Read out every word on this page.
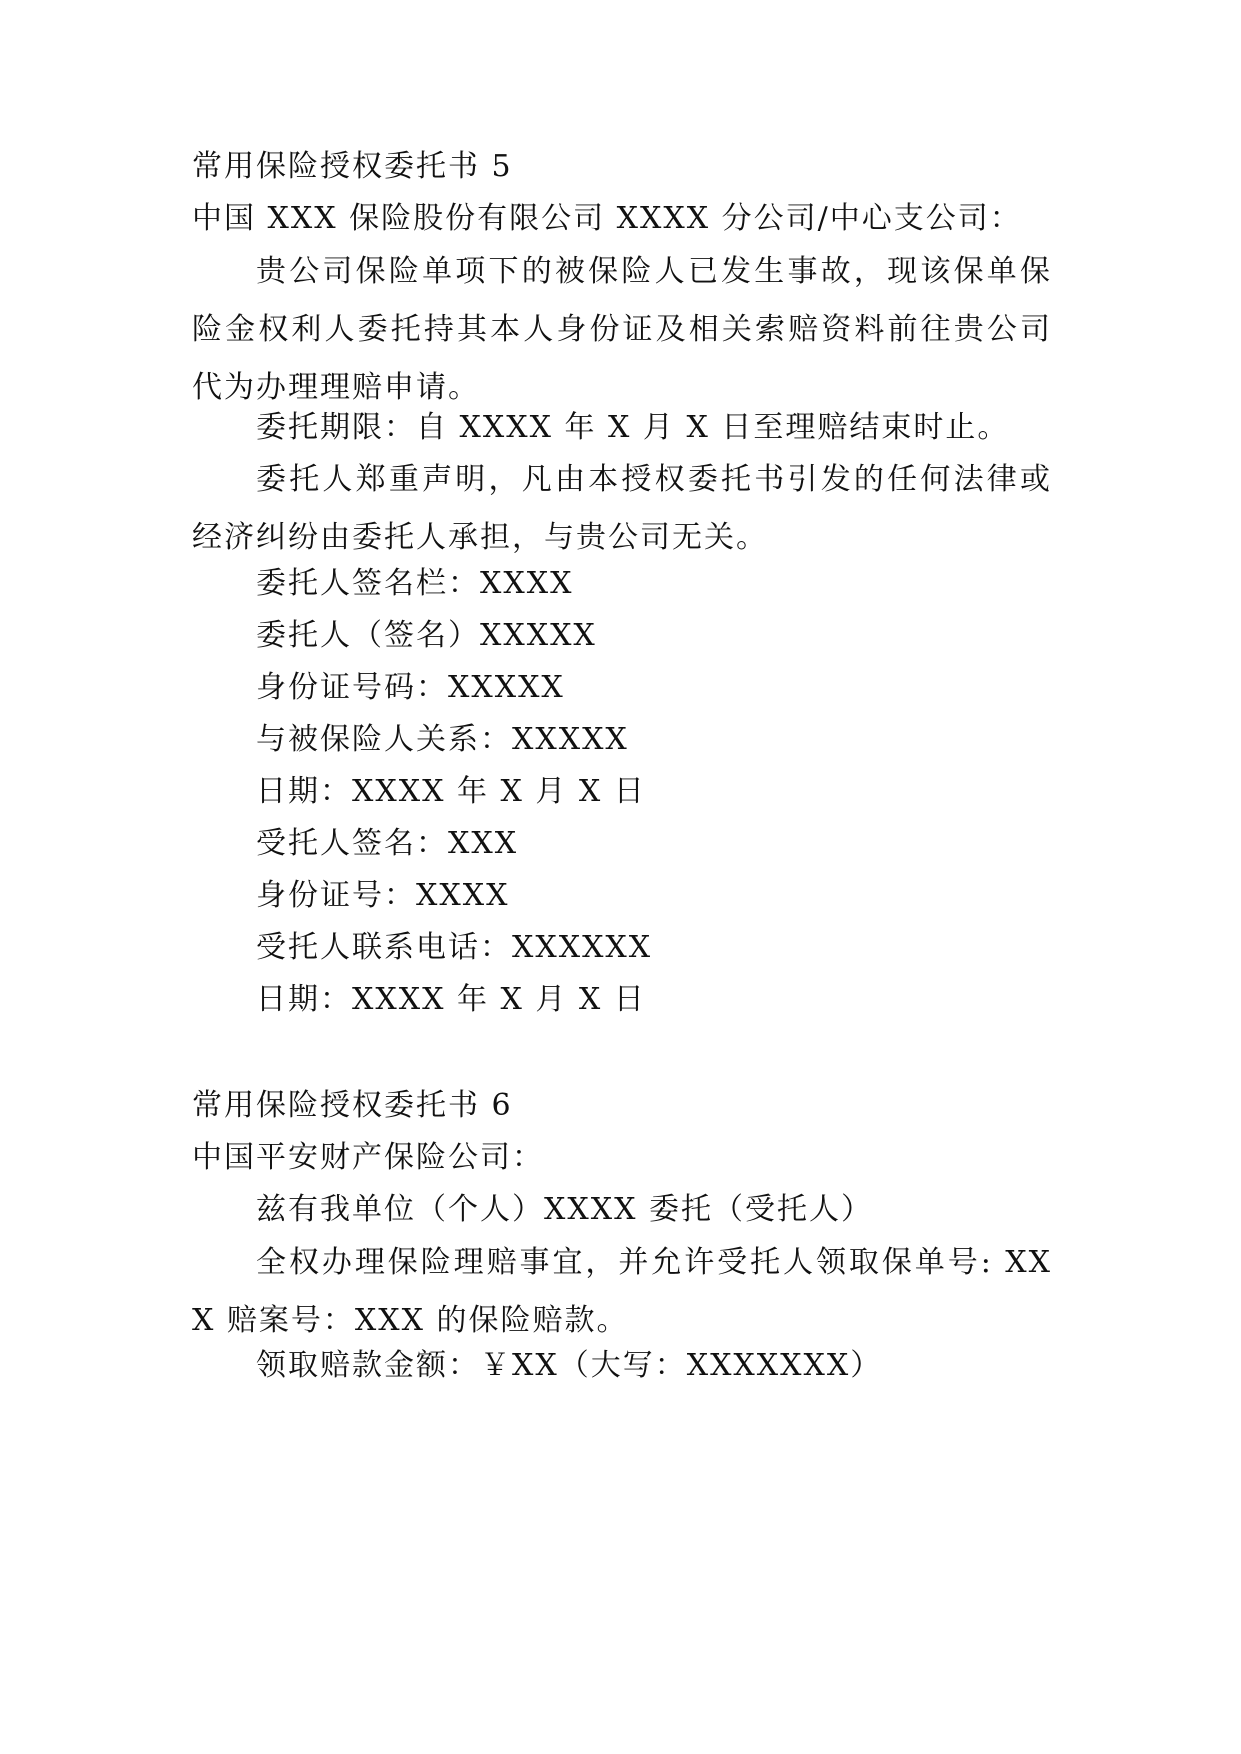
常用保险授权委托书 5
中国 XXX 保险股份有限公司 XXXX 分公司/中心支公司：
贵公司保险单项下的被保险人已发生事故，现该保单保险金权利人委托持其本人身份证及相关索赔资料前往贵公司代为办理理赔申请。
委托期限：自 XXXX 年 X 月 X 日至理赔结束时止。
委托人郑重声明，凡由本授权委托书引发的任何法律或经济纠纷由委托人承担，与贵公司无关。
委托人签名栏：XXXX
委托人（签名）XXXXX
身份证号码：XXXXX
与被保险人关系：XXXXX
日期：XXXX 年 X 月 X 日
受托人签名：XXX
身份证号：XXXX
受托人联系电话：XXXXXX
日期：XXXX 年 X 月 X 日
常用保险授权委托书 6
中国平安财产保险公司：
兹有我单位（个人）XXXX 委托（受托人）
全权办理保险理赔事宜，并允许受托人领取保单号: XXX 赔案号：XXX 的保险赔款。
领取赔款金额：￥XX（大写：XXXXXXX）
